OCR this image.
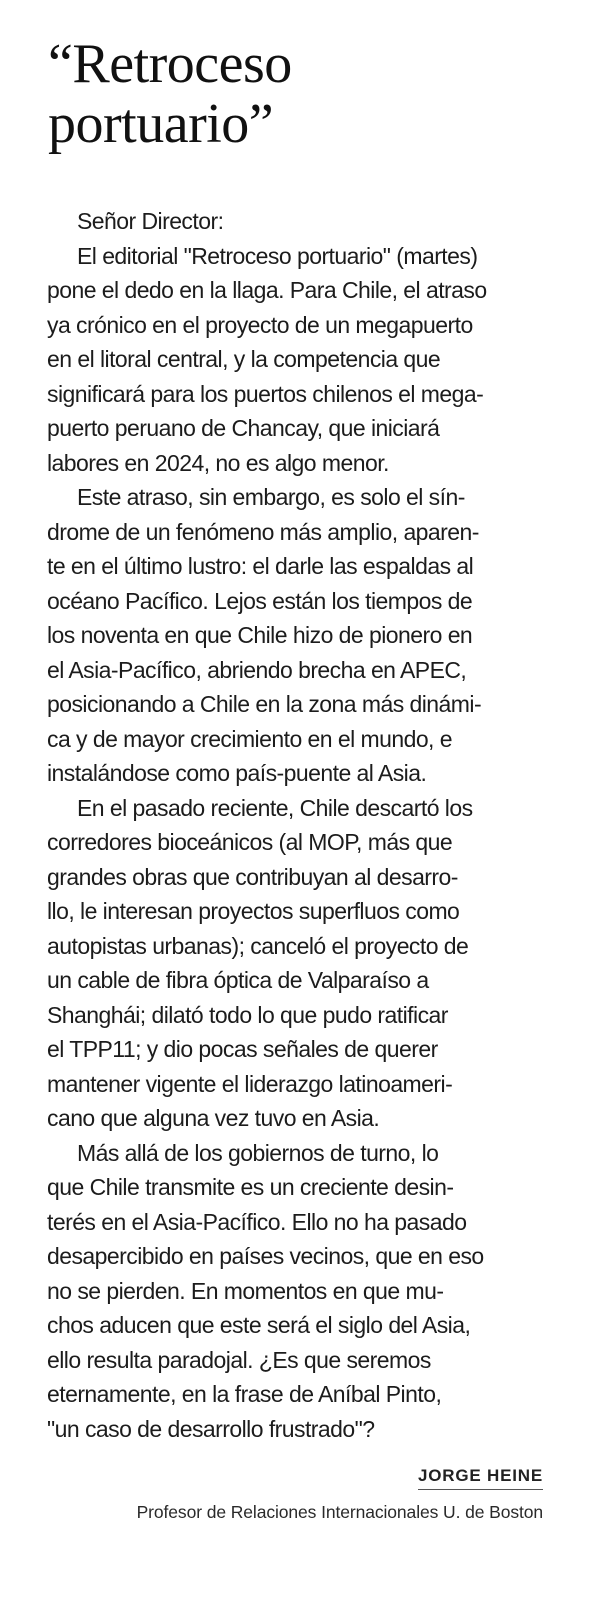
“Retroceso
portuario”
Señor Director:
El editorial "Retroceso portuario" (martes)
pone el dedo en la llaga. Para Chile, el atraso
ya crónico en el proyecto de un megapuerto
en el litoral central, y la competencia que
significará para los puertos chilenos el mega-
puerto peruano de Chancay, que iniciará
labores en 2024, no es algo menor.
Este atraso, sin embargo, es solo el sín-
drome de un fenómeno más amplio, aparen-
te en el último lustro: el darle las espaldas al
océano Pacífico. Lejos están los tiempos de
los noventa en que Chile hizo de pionero en
el Asia-Pacífico, abriendo brecha en APEC,
posicionando a Chile en la zona más dinámi-
ca y de mayor crecimiento en el mundo, e
instalándose como país-puente al Asia.
En el pasado reciente, Chile descartó los
corredores bioceánicos (al MOP, más que
grandes obras que contribuyan al desarro-
llo, le interesan proyectos superfluos como
autopistas urbanas); canceló el proyecto de
un cable de fibra óptica de Valparaíso a
Shanghái; dilató todo lo que pudo ratificar
el TPP11; y dio pocas señales de querer
mantener vigente el liderazgo latinoameri-
cano que alguna vez tuvo en Asia.
Más allá de los gobiernos de turno, lo
que Chile transmite es un creciente desin-
terés en el Asia-Pacífico. Ello no ha pasado
desapercibido en países vecinos, que en eso
no se pierden. En momentos en que mu-
chos aducen que este será el siglo del Asia,
ello resulta paradojal. ¿Es que seremos
eternamente, en la frase de Aníbal Pinto,
"un caso de desarrollo frustrado"?
JORGE HEINE
Profesor de Relaciones Internacionales U. de Boston
